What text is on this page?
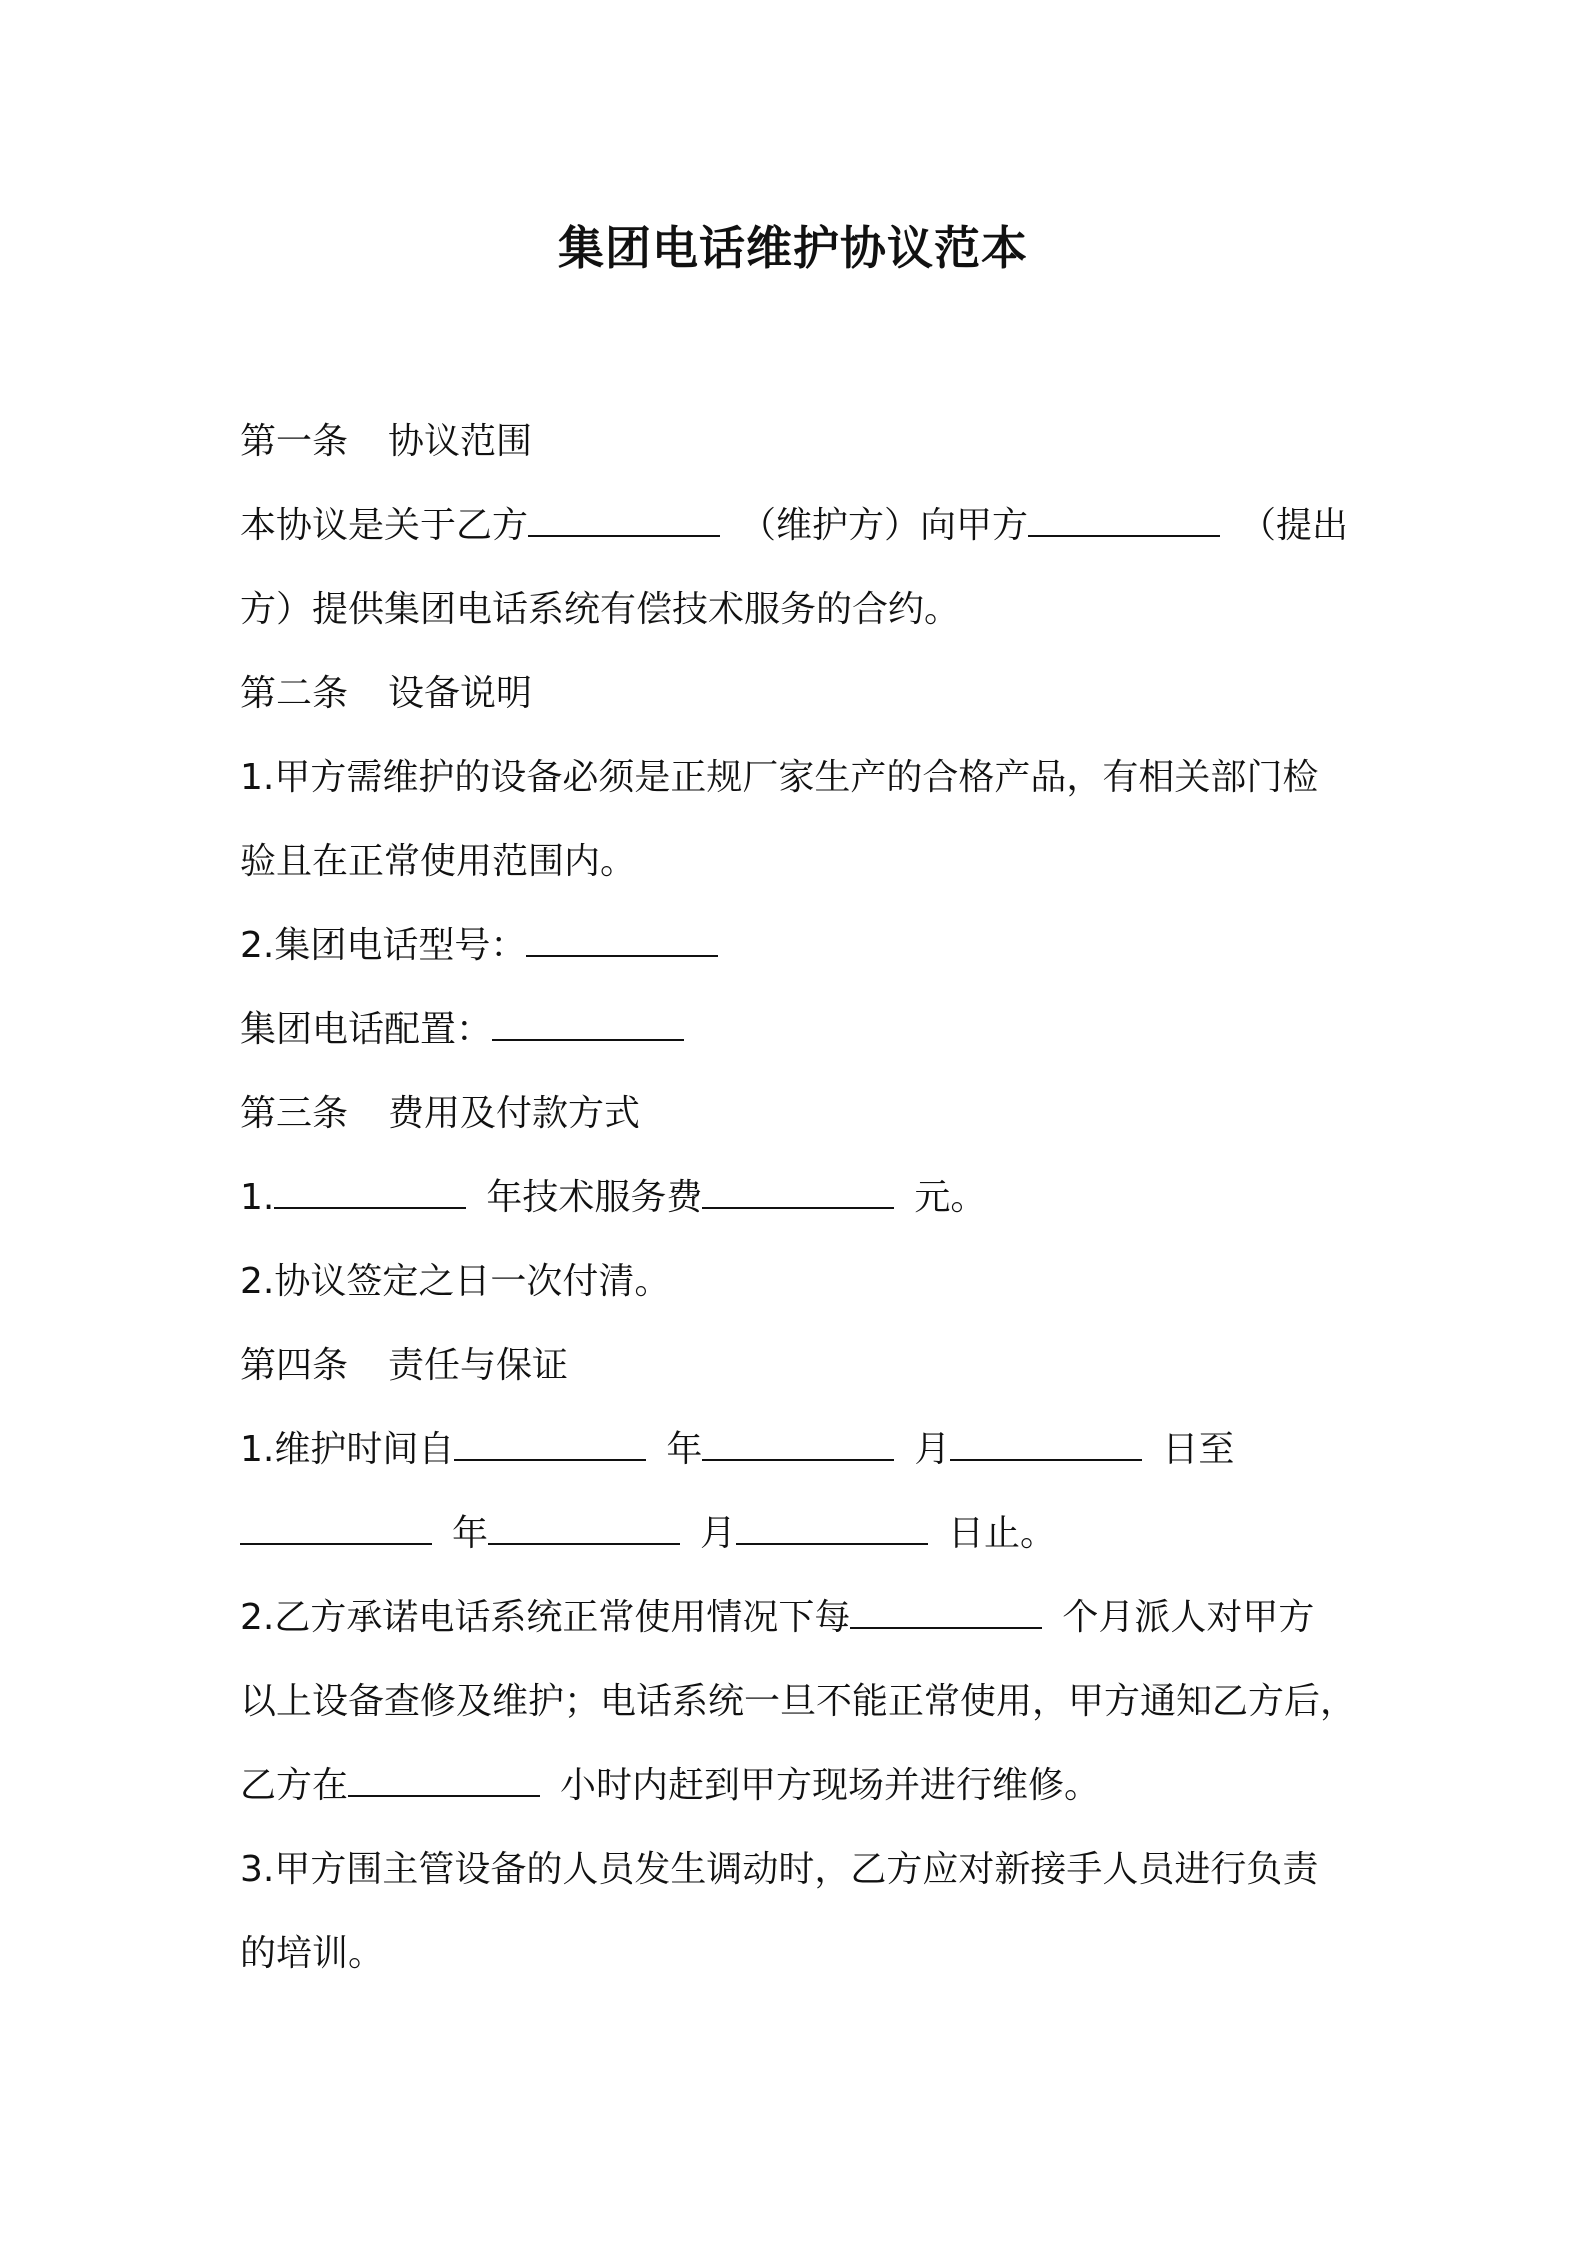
集团电话维护协议范本
第一条 协议范围
本协议是关于乙方	（维护方）向甲方	（提出
方）提供集团电话系统有偿技术服务的合约。
第二条 设备说明
1.甲方需维护的设备必须是正规厂家生产的合格产品，有相关部门检
验且在正常使用范围内。
2.集团电话型号：
集团电话配置：
第三条 费用及付款方式
1.	年技术服务费	元。
2.协议签定之日一次付清。
第四条 责任与保证
1.维护时间自	年	月	日至
年	月	日止。
2.乙方承诺电话系统正常使用情况下每	个月派人对甲方
以上设备查修及维护；电话系统一旦不能正常使用，甲方通知乙方后，
乙方在	小时内赶到甲方现场并进行维修。
3.甲方围主管设备的人员发生调动时，乙方应对新接手人员进行负责
的培训。
